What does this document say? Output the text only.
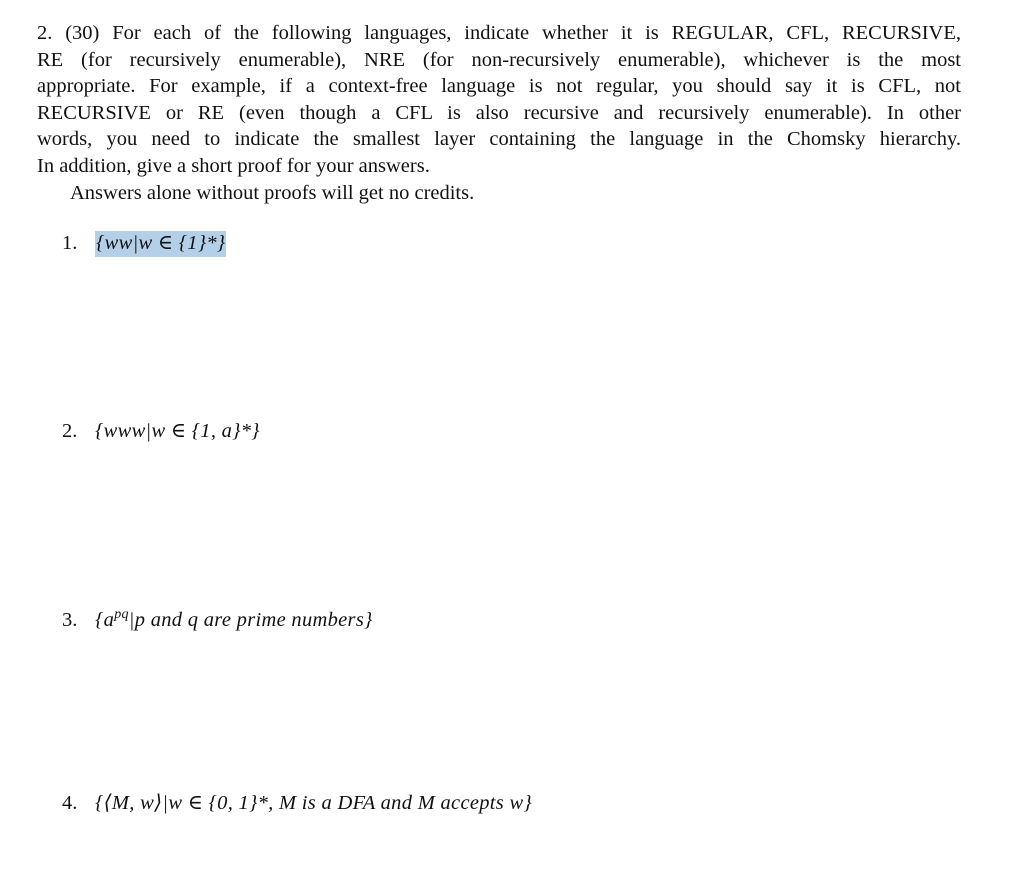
2. (30) For each of the following languages, indicate whether it is REGULAR, CFL, RECURSIVE,
RE (for recursively enumerable), NRE (for non-recursively enumerable), whichever is the most
appropriate. For example, if a context-free language is not regular, you should say it is CFL, not
RECURSIVE or RE (even though a CFL is also recursive and recursively enumerable). In other
words, you need to indicate the smallest layer containing the language in the Chomsky hierarchy.
In addition, give a short proof for your answers.
Answers alone without proofs will get no credits.
1. {ww|w ∈ {1}*}
2. {www|w ∈ {1, a}*}
3. {$a^{pq}|p$ and q are prime numbers}
4. {⟨M, w⟩|w ∈ {0, 1}*, M is a DFA and M accepts w}
